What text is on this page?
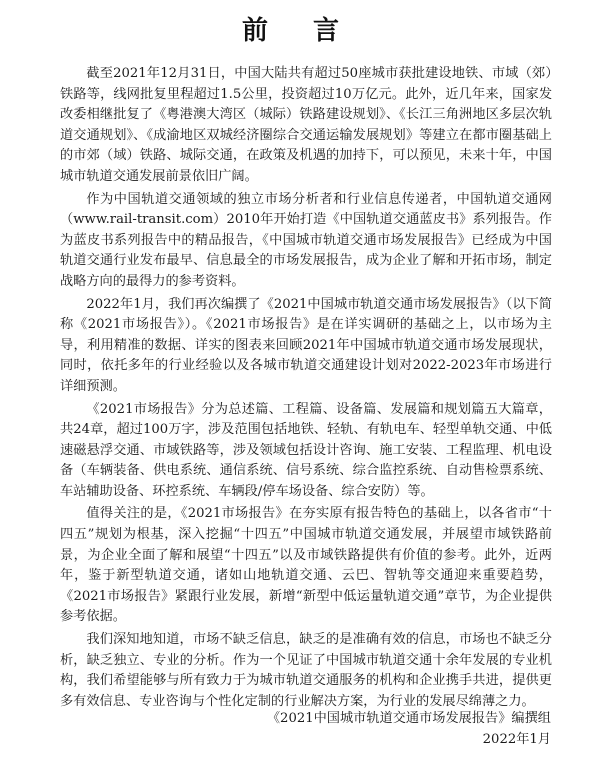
前 言

截至2021年12月31日，中国大陆共有超过50座城市获批建设地铁、市域（郊）铁路等，线网批复里程超过1.5公里，投资超过10万亿元。此外，近几年来，国家发改委相继批复了《粤港澳大湾区（城际）铁路建设规划》、《长江三角洲地区多层次轨道交通规划》、《成渝地区双城经济圈综合交通运输发展规划》等建立在都市圈基础上的市郊（域）铁路、城际交通，在政策及机遇的加持下，可以预见，未来十年，中国城市轨道交通发展前景依旧广阔。

作为中国轨道交通领域的独立市场分析者和行业信息传递者，中国轨道交通网（www.rail-transit.com）2010年开始打造《中国轨道交通蓝皮书》系列报告。作为蓝皮书系列报告中的精品报告，《中国城市轨道交通市场发展报告》已经成为中国轨道交通行业发布最早、信息最全的市场发展报告，成为企业了解和开拓市场，制定战略方向的最得力的参考资料。

2022年1月，我们再次编撰了《2021中国城市轨道交通市场发展报告》（以下简称《2021市场报告》）。《2021市场报告》是在详实调研的基础之上，以市场为主导，利用精准的数据、详实的图表来回顾2021年中国城市轨道交通市场发展现状，同时，依托多年的行业经验以及各城市轨道交通建设计划对2022-2023年市场进行详细预测。

《2021市场报告》分为总述篇、工程篇、设备篇、发展篇和规划篇五大篇章，共24章，超过100万字，涉及范围包括地铁、轻轨、有轨电车、轻型单轨交通、中低速磁悬浮交通、市域铁路等，涉及领域包括设计咨询、施工安装、工程监理、机电设备（车辆装备、供电系统、通信系统、信号系统、综合监控系统、自动售检票系统、车站辅助设备、环控系统、车辆段/停车场设备、综合安防）等。

值得关注的是，《2021市场报告》在夯实原有报告特色的基础上，以各省市“十四五”规划为根基，深入挖掘“十四五”中国城市轨道交通发展，并展望市域铁路前景，为企业全面了解和展望“十四五”以及市域铁路提供有价值的参考。此外，近两年，鉴于新型轨道交通，诸如山地轨道交通、云巴、智轨等交通迎来重要趋势，《2021市场报告》紧跟行业发展，新增“新型中低运量轨道交通”章节，为企业提供参考依据。

我们深知地知道，市场不缺乏信息，缺乏的是准确有效的信息，市场也不缺乏分析，缺乏独立、专业的分析。作为一个见证了中国城市轨道交通十余年发展的专业机构，我们希望能够与所有致力于为城市轨道交通服务的机构和企业携手共进，提供更多有效信息、专业咨询与个性化定制的行业解决方案，为行业的发展尽绵薄之力。

《2021中国城市轨道交通市场发展报告》编撰组
2022年1月
